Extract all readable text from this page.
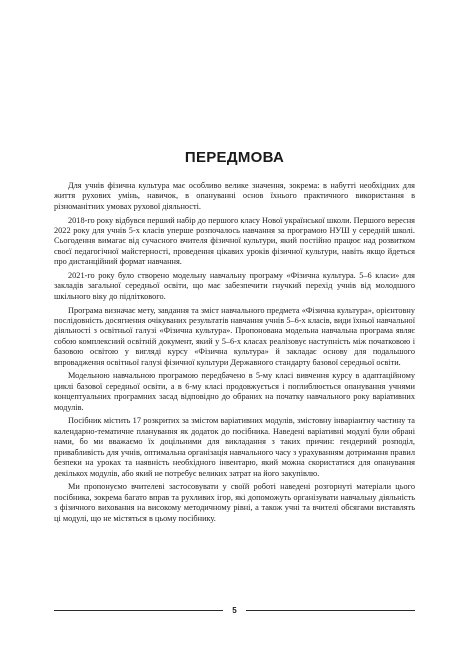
ПЕРЕДМОВА

Для учнів фізична культура має особливо велике значення, зокрема: в набутті необхідних для життя рухових умінь, навичок, в опануванні основ їхнього практичного використання в різноманітних умовах рухової діяльності.

2018-го року відбувся перший набір до першого класу Нової української школи. Першого вересня 2022 року для учнів 5-х класів уперше розпочалось навчання за програмою НУШ у середній школі. Сьогодення вимагає від сучасного вчителя фізичної культури, який постійно працює над розвитком своєї педагогічної майстерності, проведення цікавих уроків фізичної культури, навіть якщо йдеться про дистанційний формат навчання.

2021-го року було створено модельну навчальну програму «Фізична культура. 5–6 класи» для закладів загальної середньої освіти, що має забезпечити гнучкий перехід учнів від молодшого шкільного віку до підліткового.

Програма визначає мету, завдання та зміст навчального предмета «Фізична культура», орієнтовну послідовність досягнення очікуваних результатів навчання учнів 5–6-х класів, види їхньої навчальної діяльності з освітньої галузі «Фізична культура». Пропонована модельна навчальна програма являє собою комплексний освітній документ, який у 5–6-х класах реалізовує наступність між початковою і базовою освітою у вигляді курсу «Фізична культура» й закладає основу для подальшого впровадження освітньої галузі фізичної культури Державного стандарту базової середньої освіти.

Модельною навчальною програмою передбачено в 5-му класі вивчення курсу в адаптаційному циклі базової середньої освіти, а в 6-му класі продовжується і поглиблюється опанування учнями концептуальних програмних засад відповідно до обраних на початку навчального року варіативних модулів.

Посібник містить 17 розкритих за змістом варіативних модулів, змістовну інваріантну частину та календарно-тематичне планування як додаток до посібника. Наведені варіативні модулі були обрані нами, бо ми вважаємо їх доцільними для викладання з таких причин: гендерний розподіл, привабливість для учнів, оптимальна організація навчального часу з урахуванням дотримання правил безпеки на уроках та наявність необхідного інвентарю, який можна скористатися для опанування декількох модулів, або який не потребує великих затрат на його закупівлю.

Ми пропонуємо вчителеві застосовувати у своїй роботі наведені розгорнуті матеріали цього посібника, зокрема багато вправ та рухливих ігор, які допоможуть організувати навчальну діяльність з фізичного виховання на високому методичному рівні, а також учні та вчителі обсягами виставлять ці модулі, що не містяться в цьому посібнику.

5
